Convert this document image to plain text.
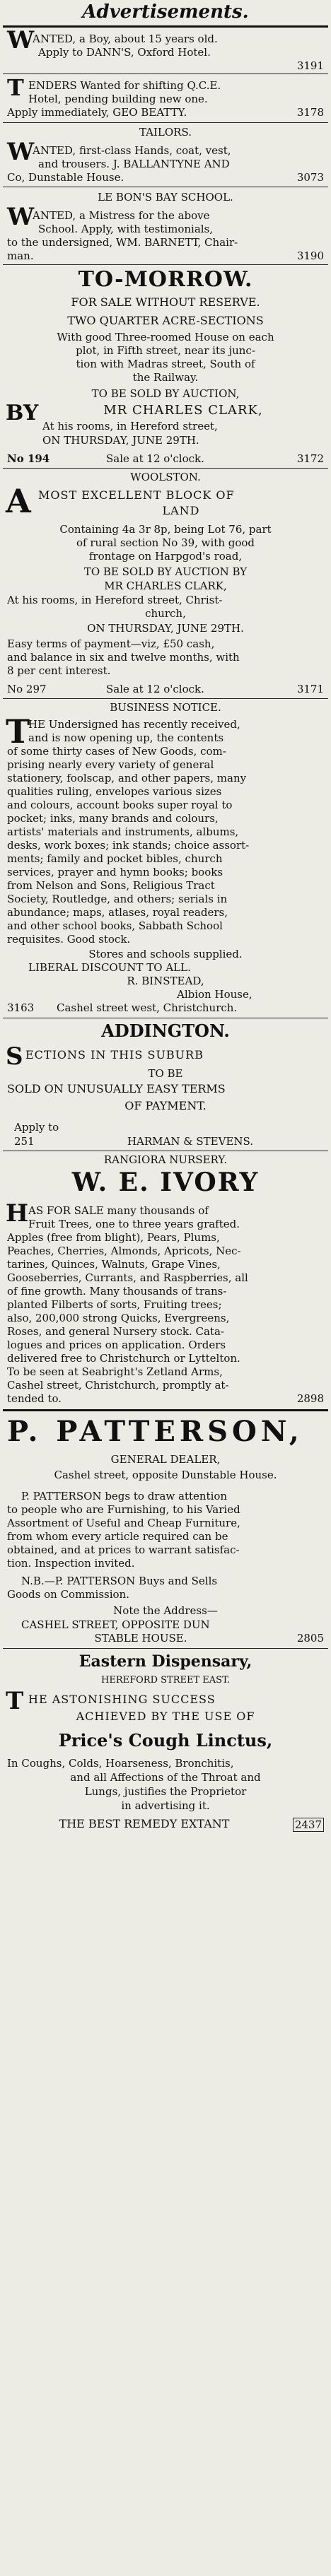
Advertisements.
W
ANTED, a Boy, about 15 years old.
Apply to DANN'S, Oxford Hotel.
3191
T ENDERS Wanted for shifting Q.C.E.
Hotel, pending building new one.
Apply immediately, GEO BEATTY.	3178
TAILORS.
W
ANTED, first-class Hands, coat, vest,
and trousers. J. BALLANTYNE AND
Co, Dunstable House.	3073
LE BON'S BAY SCHOOL.
W
ANTED, a Mistress for the above
School. Apply, with testimonials,
to the undersigned, WM. BARNETT, Chair-
man.	3190
TO-MORROW.
FOR SALE WITHOUT RESERVE.
TWO QUARTER ACRE-SECTIONS
With good Three-roomed House on each
plot, in Fifth street, near its junc-
tion with Madras street, South of
the Railway.
TO BE SOLD BY AUCTION,
BY	MR CHARLES CLARK,
At his rooms, in Hereford street,
ON THURSDAY, JUNE 29TH.
No 194	Sale at 12 o'clock.	3172
WOOLSTON.
A MOST EXCELLENT BLOCK OF
LAND
Containing 4a 3r 8p, being Lot 76, part
of rural section No 39, with good
frontage on Harpgod's road,
TO BE SOLD BY AUCTION BY
MR CHARLES CLARK,
At his rooms, in Hereford street, Christ-
church,
ON THURSDAY, JUNE 29TH.
Easy terms of payment—viz, £50 cash,
and balance in six and twelve months, with
8 per cent interest.
No 297	Sale at 12 o'clock.	3171
BUSINESS NOTICE.
T
HE Undersigned has recently received,
and is now opening up, the contents
of some thirty cases of New Goods, com-
prising nearly every variety of general
stationery, foolscap, and other papers, many
qualities ruling, envelopes various sizes
and colours, account books super royal to
pocket; inks, many brands and colours,
artists' materials and instruments, albums,
desks, work boxes; ink stands; choice assort-
ments; family and pocket bibles, church
services, prayer and hymn books; books
from Nelson and Sons, Religious Tract
Society, Routledge, and others; serials in
abundance; maps, atlases, royal readers,
and other school books, Sabbath School
requisites. Good stock.
Stores and schools supplied.
LIBERAL DISCOUNT TO ALL.
R. BINSTEAD,
Albion House,
3163	Cashel street west, Christchurch.
ADDINGTON.
S ECTIONS IN THIS SUBURB
TO BE
SOLD ON UNUSUALLY EASY TERMS
OF PAYMENT.
Apply to
251	HARMAN & STEVENS.
RANGIORA NURSERY.
W. E. IVORY
H AS FOR SALE many thousands of
Fruit Trees, one to three years grafted.
Apples (free from blight), Pears, Plums,
Peaches, Cherries, Almonds, Apricots, Nec-
tarines, Quinces, Walnuts, Grape Vines,
Gooseberries, Currants, and Raspberries, all
of fine growth. Many thousands of trans-
planted Filberts of sorts, Fruiting trees;
also, 200,000 strong Quicks, Evergreens,
Roses, and general Nursery stock. Cata-
logues and prices on application. Orders
delivered free to Christchurch or Lyttelton.
To be seen at Seabright's Zetland Arms,
Cashel street, Christchurch, promptly at-
tended to.	2898
P. PATTERSON,
GENERAL DEALER,
Cashel street, opposite Dunstable House.
P. PATTERSON begs to draw attention
to people who are Furnishing, to his Varied
Assortment of Useful and Cheap Furniture,
from whom every article required can be
obtained, and at prices to warrant satisfac-
tion. Inspection invited.
N.B.—P. PATTERSON Buys and Sells
Goods on Commission.
Note the Address—
CASHEL STREET, OPPOSITE DUN
STABLE HOUSE.	2805
Eastern Dispensary,
HEREFORD STREET EAST.
T HE ASTONISHING SUCCESS
ACHIEVED BY THE USE OF
Price's Cough Linctus,
In Coughs, Colds, Hoarseness, Bronchitis,
and all Affections of the Throat and
Lungs, justifies the Proprietor
in advertising it.
THE BEST REMEDY EXTANT	2437
